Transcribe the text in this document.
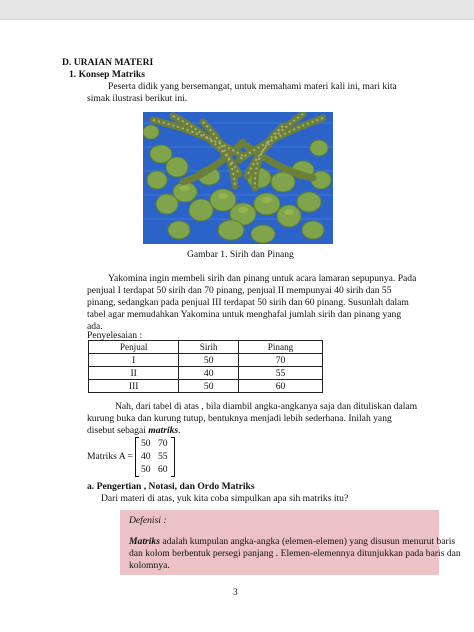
D. URAIAN MATERI
1. Konsep Matriks
Peserta didik yang bersemangat, untuk memahami materi kali ini, mari kita
simak ilustrasi berikut ini.
Gambar 1. Sirih dan Pinang
Yakomina ingin membeli sirih dan pinang untuk acara lamaran sepupunya. Pada
penjual I terdapat 50 sirih dan 70 pinang, penjual II mempunyai 40 sirih dan 55
pinang, sedangkan pada penjual III terdapat 50 sirih dan 60 pinang. Susunlah dalam
tabel agar memudahkan Yakomina untuk menghafal jumlah sirih dan pinang yang
ada.
Penyelesaian :
Penjual	Sirih	Pinang
I	50	70
II	40	55
III	50	60
Nah, dari tabel di atas , bila diambil angka-angkanya saja dan dituliskan dalam
kurung buka dan kurung tutup, bentuknya menjadi lebih sederhana. Inilah yang
disebut sebagai matriks.
Matriks A =
50 70
40 55
50 60
a. Pengertian , Notasi, dan Ordo Matriks
Dari materi di atas, yuk kita coba simpulkan apa sih matriks itu?
Defenisi :
Matriks adalah kumpulan angka-angka (elemen-elemen) yang disusun menurut baris
dan kolom berbentuk persegi panjang . Elemen-elemennya ditunjukkan pada baris dan
kolomnya.
3
